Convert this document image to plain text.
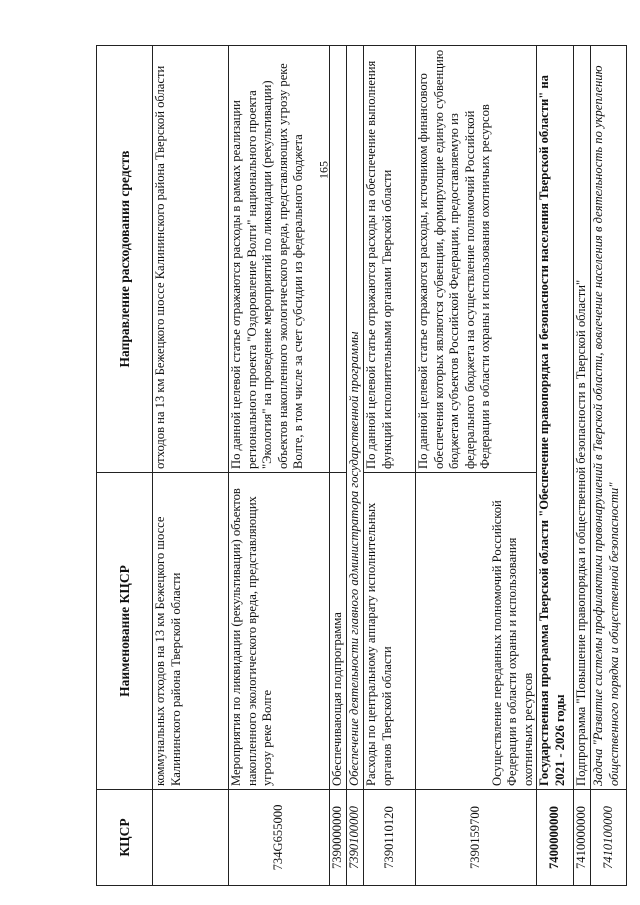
165
КЦСР	Наименование КЦСР	Направление расходования средств
	коммунальных отходов на 13 км Бежецкого шоссе Калининского района Тверской области	отходов на 13 км Бежецкого шоссе Калининского района Тверской области
734G655000	Мероприятия по ликвидации (рекультивации) объектов накопленного экологического вреда, представляющих угрозу реке Волге	По данной целевой статье отражаются расходы в рамках реализации регионального проекта "Оздоровление Волги" национального проекта "Экология" на проведение мероприятий по ликвидации (рекультивации) объектов накопленного экологического вреда, представляющих угрозу реке Волге, в том числе за счет субсидии из федерального бюджета
7390000000	Обеспечивающая подпрограмма	
7390100000	Обеспечение деятельности главного администратора государственной программы	
7390110120	Расходы по центральному аппарату исполнительных органов Тверской области	По данной целевой статье отражаются расходы на обеспечение выполнения функций исполнительными органами Тверской области
7390159700	Осуществление переданных полномочий Российской Федерации в области охраны и использования охотничьих ресурсов	По данной целевой статье отражаются расходы, источником финансового обеспечения которых являются субвенции, формирующие единую субвенцию бюджетам субъектов Российской Федерации, предоставляемую из федерального бюджета на осуществление полномочий Российской Федерации в области охраны и использования охотничьих ресурсов
7400000000	Государственная программа Тверской области "Обеспечение правопорядка и безопасности населения Тверской области" на 2021 - 2026 годы	
7410000000	Подпрограмма "Повышение правопорядка и общественной безопасности в Тверской области"	
7410100000	Задача "Развитие системы профилактики правонарушений в Тверской области, вовлечение населения в деятельность по укреплению общественного порядка и общественной безопасности"	
